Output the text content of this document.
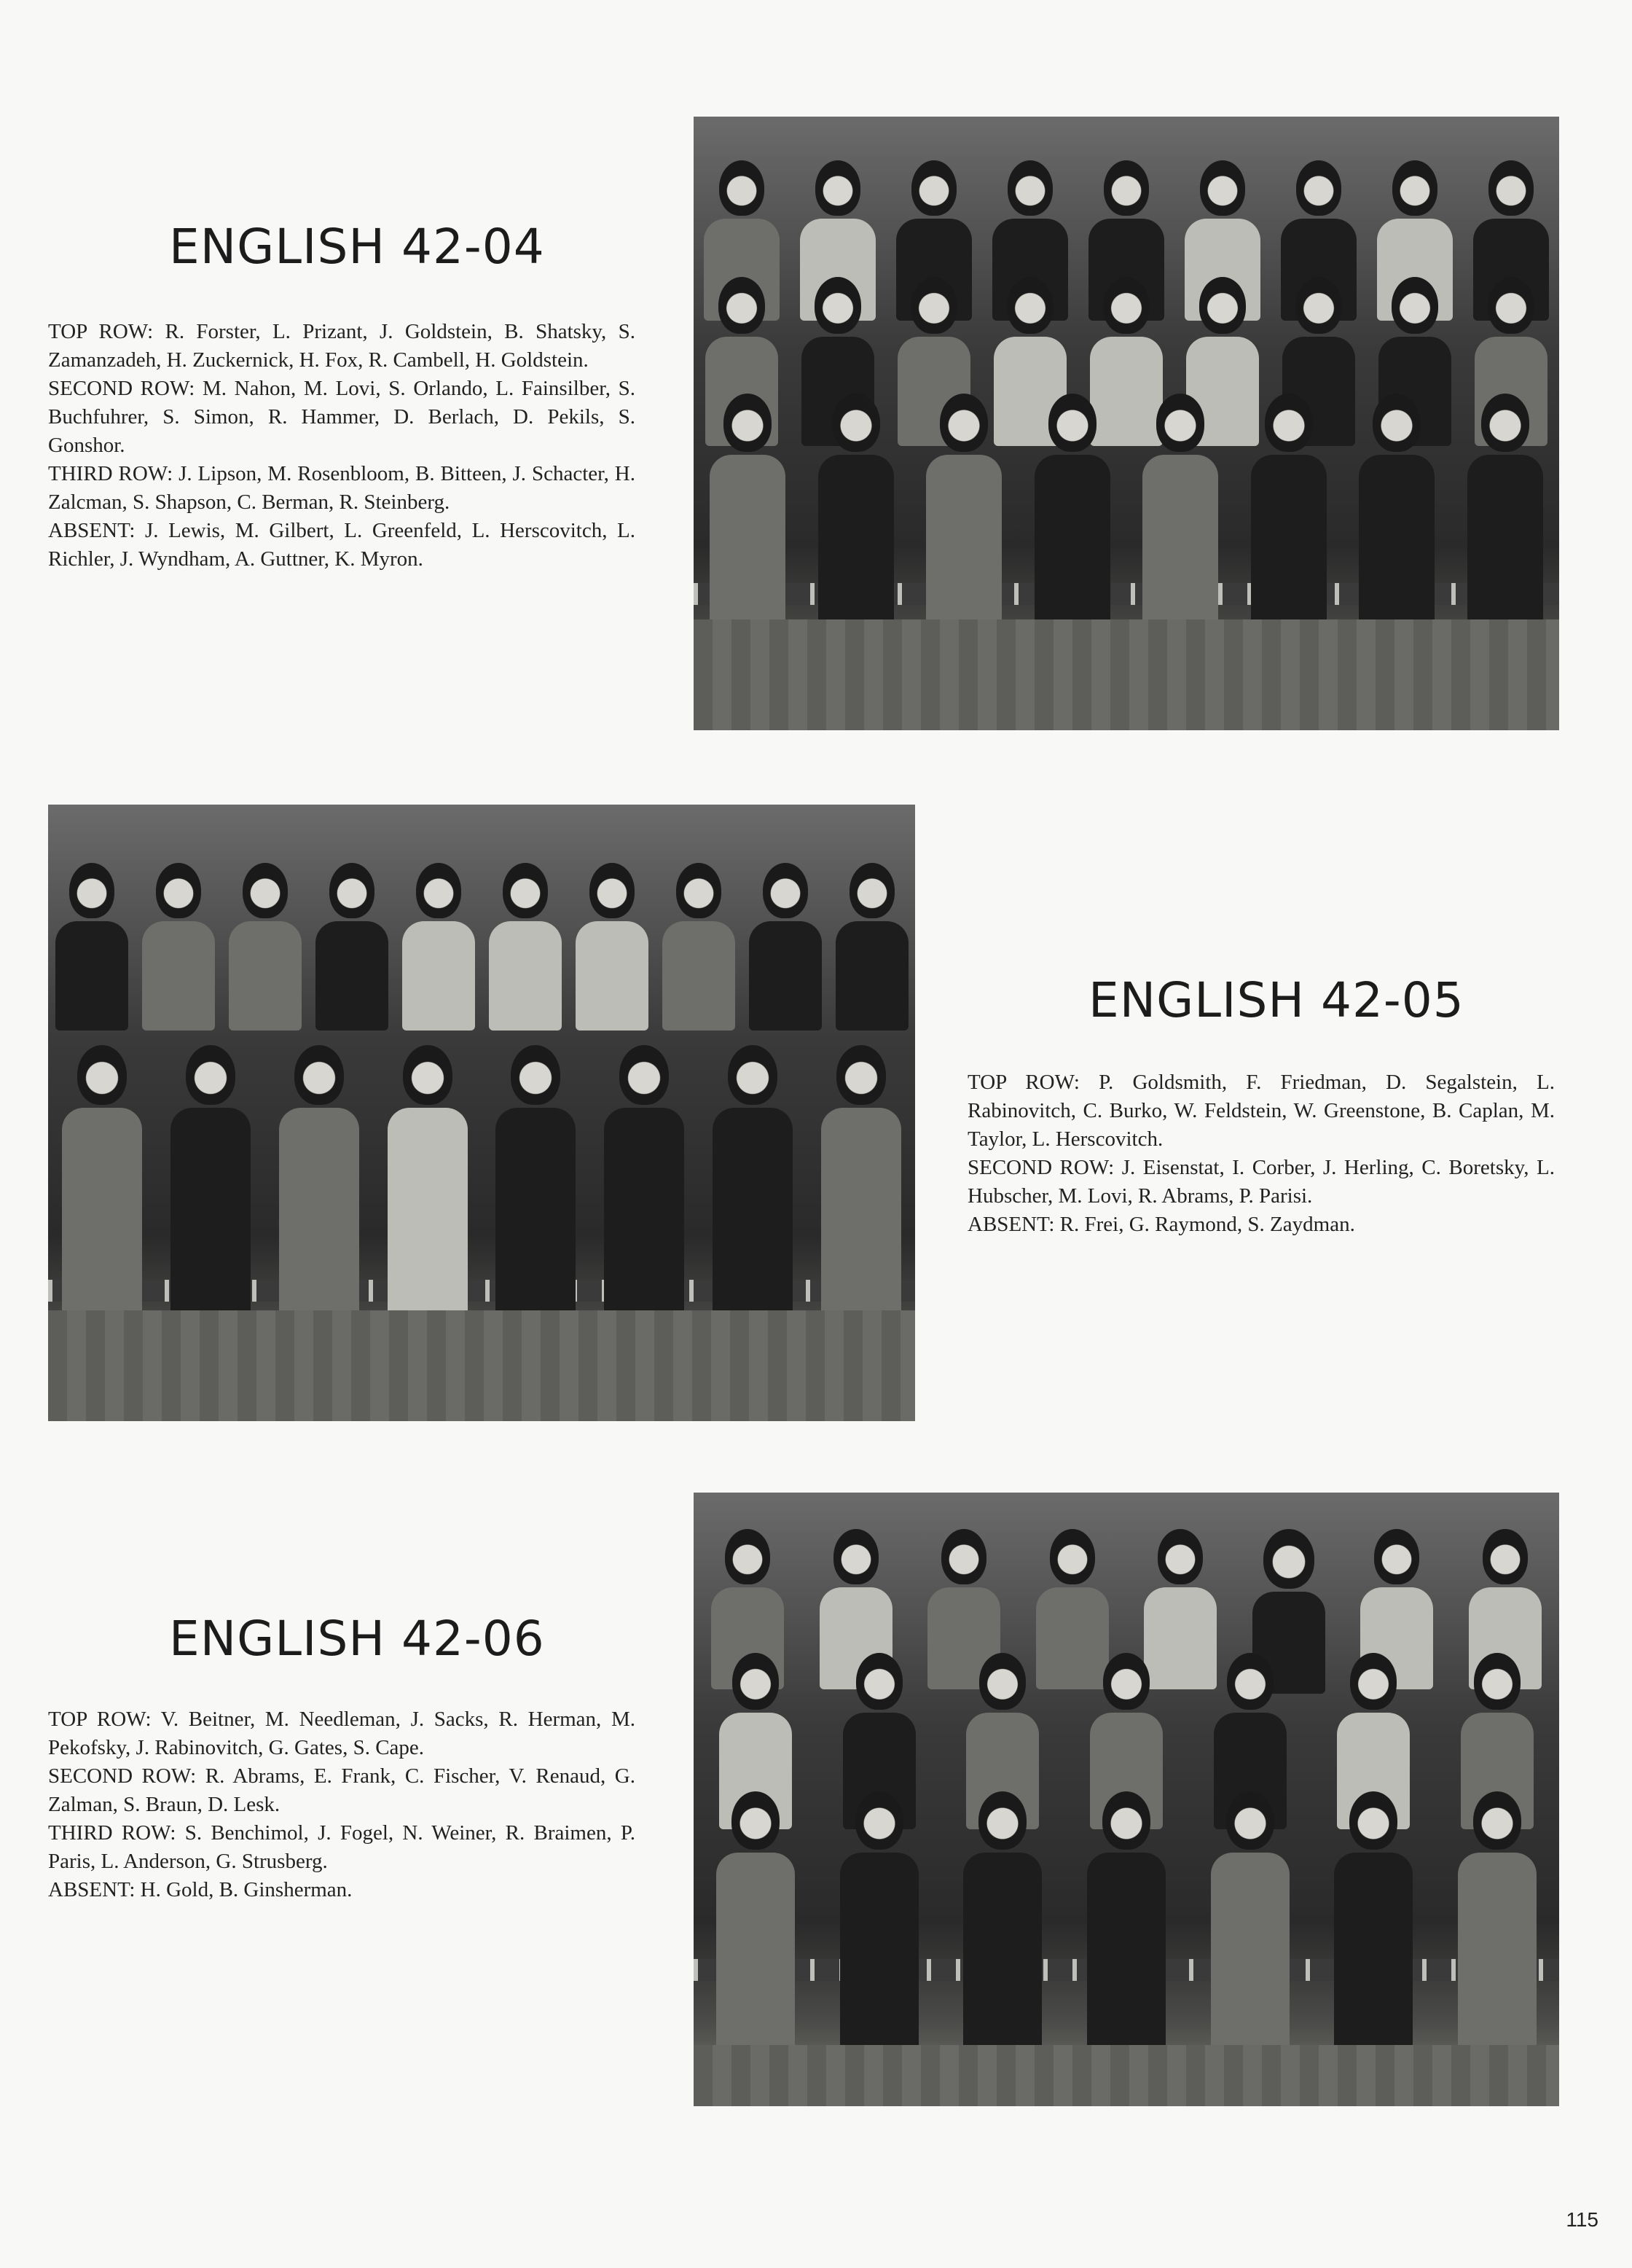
ENGLISH 42-04

TOP ROW: R. Forster, L. Prizant, J. Goldstein, B. Shatsky, S. Zamanzadeh, H. Zuckernick, H. Fox, R. Cambell, H. Goldstein.

SECOND ROW: M. Nahon, M. Lovi, S. Orlando, L. Fainsilber, S. Buchfuhrer, S. Simon, R. Hammer, D. Berlach, D. Pekils, S. Gonshor.

THIRD ROW: J. Lipson, M. Rosenbloom, B. Bitteen, J. Schacter, H. Zalcman, S. Shapson, C. Berman, R. Steinberg.

ABSENT: J. Lewis, M. Gilbert, L. Greenfeld, L. Herscovitch, L. Richler, J. Wyndham, A. Guttner, K. Myron.

ENGLISH 42-05

TOP ROW: P. Goldsmith, F. Friedman, D. Segalstein, L. Rabinovitch, C. Burko, W. Feldstein, W. Greenstone, B. Caplan, M. Taylor, L. Herscovitch.

SECOND ROW: J. Eisenstat, I. Corber, J. Herling, C. Boretsky, L. Hubscher, M. Lovi, R. Abrams, P. Parisi.

ABSENT: R. Frei, G. Raymond, S. Zaydman.

ENGLISH 42-06

TOP ROW: V. Beitner, M. Needleman, J. Sacks, R. Herman, M. Pekofsky, J. Rabinovitch, G. Gates, S. Cape.

SECOND ROW: R. Abrams, E. Frank, C. Fischer, V. Renaud, G. Zalman, S. Braun, D. Lesk.

THIRD ROW: S. Benchimol, J. Fogel, N. Weiner, R. Braimen, P. Paris, L. Anderson, G. Strusberg.

ABSENT: H. Gold, B. Ginsherman.

115
